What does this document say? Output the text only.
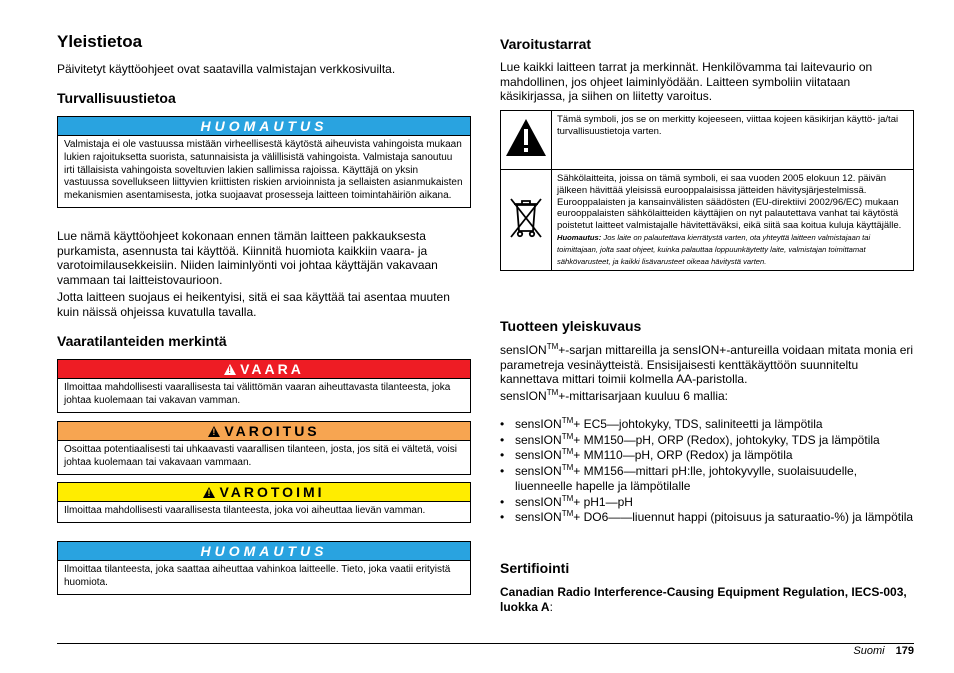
Yleistietoa

Päivitetyt käyttöohjeet ovat saatavilla valmistajan verkkosivuilta.

Turvallisuustietoa
HUOMAUTUS
Valmistaja ei ole vastuussa mistään virheellisestä käytöstä aiheuvista vahingoista mukaan lukien rajoituksetta suorista, satunnaisista ja välillisistä vahingoista. Valmistaja sanoutuu irti tällaisista vahingoista soveltuvien lakien sallimissa rajoissa. Käyttäjä on yksin vastuussa sovellukseen liittyvien kriittisten riskien arvioinnista ja sellaisten asianmukaisten mekanismien asentamisesta, jotka suojaavat prosesseja laitteen toimintahäiriön aikana.

Lue nämä käyttöohjeet kokonaan ennen tämän laitteen pakkauksesta purkamista, asennusta tai käyttöä. Kiinnitä huomiota kaikkiin vaara- ja varotoimilausekkeisiin. Niiden laiminlyönti voi johtaa käyttäjän vakavaan vammaan tai laitteistovaurioon.

Jotta laitteen suojaus ei heikentyisi, sitä ei saa käyttää tai asentaa muuten kuin näissä ohjeissa kuvatulla tavalla.

Vaaratilanteiden merkintä
!
VAARA
Ilmoittaa mahdollisesti vaarallisesta tai välittömän vaaran aiheuttavasta tilanteesta, joka johtaa kuolemaan tai vakavan vamman.
!
VAROITUS
Osoittaa potentiaalisesti tai uhkaavasti vaarallisen tilanteen, josta, jos sitä ei vältetä, voisi johtaa kuolemaan tai vakavaan vammaan.
!
VAROTOIMI
Ilmoittaa mahdollisesti vaarallisesta tilanteesta, joka voi aiheuttaa lievän vamman.
HUOMAUTUS
Ilmoittaa tilanteesta, joka saattaa aiheuttaa vahinkoa laitteelle. Tieto, joka vaatii erityistä huomiota.
Varoitustarrat

Lue kaikki laitteen tarrat ja merkinnät. Henkilövamma tai laitevaurio on mahdollinen, jos ohjeet laiminlyödään. Laitteen symboliin viitataan käsikirjassa, ja siihen on liitetty varoitus.

	Tämä symboli, jos se on merkitty kojeeseen, viittaa kojeen käsikirjan käyttö- ja/tai turvallisuustietoja varten.
	Sähkölaitteita, joissa on tämä symboli, ei saa vuoden 2005 elokuun 12. päivän jälkeen hävittää yleisissä eurooppalaisissa jätteiden hävitysjärjestelmissä. Eurooppalaisten ja kansainvälisten säädösten (EU-direktiivi 2002/96/EC) mukaan eurooppalaisten sähkölaitteiden käyttäjien on nyt palautettava vanhat tai käytöstä poistetut laitteet valmistajalle hävitettäväksi, eikä siitä saa koitua kuluja käyttäjälle.
Huomautus: Jos laite on palautettava kierrätystä varten, ota yhteyttä laitteen valmistajaan tai toimittajaan, jolta saat ohjeet, kuinka palauttaa loppuunkäytetty laite, valmistajan toimittamat sähkövarusteet, ja kaikki lisävarusteet oikeaa hävitystä varten.
Tuotteen yleiskuvaus

sensION™+-sarjan mittareilla ja sensION+-antureilla voidaan mitata monia eri parametreja vesinäytteistä. Ensisijaisesti kenttäkäyttöön suunniteltu kannettava mittari toimii kolmella AA-paristolla.

sensION™+-mittarisarjaan kuuluu 6 mallia:

• sensION™+ EC5—johtokyky, TDS, saliniteetti ja lämpötila
• sensION™+ MM150—pH, ORP (Redox), johtokyky, TDS ja lämpötila
• sensION™+ MM110—pH, ORP (Redox) ja lämpötila
• sensION™+ MM156—mittari pH:lle, johtokyvylle, suolaisuudelle, liuenneelle hapelle ja lämpötilalle
• sensION™+ pH1—pH
• sensION™+ DO6——liuennut happi (pitoisuus ja saturaatio-%) ja lämpötila
Sertifiointi

Canadian Radio Interference-Causing Equipment Regulation, IECS-003, luokka A:

Suomi 179
